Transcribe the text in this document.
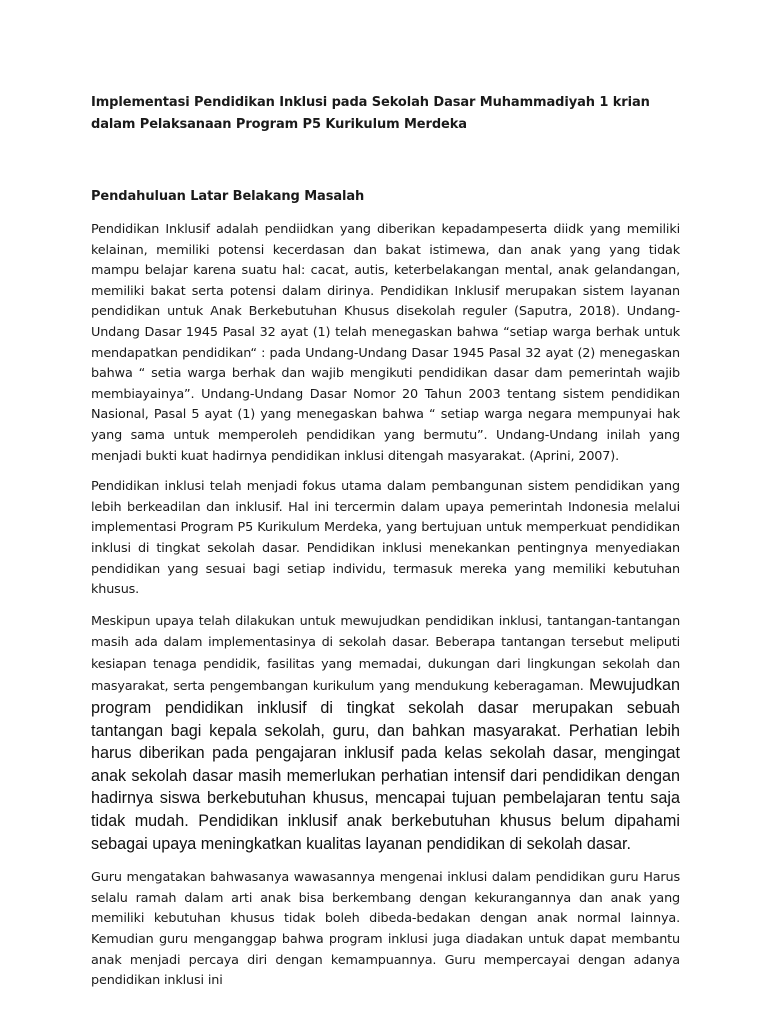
Implementasi Pendidikan Inklusi pada Sekolah Dasar Muhammadiyah 1 krian dalam Pelaksanaan Program P5 Kurikulum Merdeka
Pendahuluan Latar Belakang Masalah

Pendidikan Inklusif adalah pendiidkan yang diberikan kepadampeserta diidk yang memiliki kelainan, memiliki potensi kecerdasan dan bakat istimewa, dan anak yang yang tidak mampu belajar karena suatu hal: cacat, autis, keterbelakangan mental, anak gelandangan, memiliki bakat serta potensi dalam dirinya. Pendidikan Inklusif merupakan sistem layanan pendidikan untuk Anak Berkebutuhan Khusus disekolah reguler (Saputra, 2018). Undang-Undang Dasar 1945 Pasal 32 ayat (1) telah menegaskan bahwa “setiap warga berhak untuk mendapatkan pendidikan“ : pada Undang-Undang Dasar 1945 Pasal 32 ayat (2) menegaskan bahwa “ setia warga berhak dan wajib mengikuti pendidikan dasar dam pemerintah wajib membiayainya”. Undang-Undang Dasar Nomor 20 Tahun 2003 tentang sistem pendidikan Nasional, Pasal 5 ayat (1) yang menegaskan bahwa “ setiap warga negara mempunyai hak yang sama untuk memperoleh pendidikan yang bermutu”. Undang-Undang inilah yang menjadi bukti kuat hadirnya pendidikan inklusi ditengah masyarakat. (Aprini, 2007).

Pendidikan inklusi telah menjadi fokus utama dalam pembangunan sistem pendidikan yang lebih berkeadilan dan inklusif. Hal ini tercermin dalam upaya pemerintah Indonesia melalui implementasi Program P5 Kurikulum Merdeka, yang bertujuan untuk memperkuat pendidikan inklusi di tingkat sekolah dasar. Pendidikan inklusi menekankan pentingnya menyediakan pendidikan yang sesuai bagi setiap individu, termasuk mereka yang memiliki kebutuhan khusus.

Meskipun upaya telah dilakukan untuk mewujudkan pendidikan inklusi, tantangan-tantangan masih ada dalam implementasinya di sekolah dasar. Beberapa tantangan tersebut meliputi kesiapan tenaga pendidik, fasilitas yang memadai, dukungan dari lingkungan sekolah dan masyarakat, serta pengembangan kurikulum yang mendukung keberagaman. Mewujudkan program pendidikan inklusif di tingkat sekolah dasar merupakan sebuah tantangan bagi kepala sekolah, guru, dan bahkan masyarakat. Perhatian lebih harus diberikan pada pengajaran inklusif pada kelas sekolah dasar, mengingat anak sekolah dasar masih memerlukan perhatian intensif dari pendidikan dengan hadirnya siswa berkebutuhan khusus, mencapai tujuan pembelajaran tentu saja tidak mudah. Pendidikan inklusif anak berkebutuhan khusus belum dipahami sebagai upaya meningkatkan kualitas layanan pendidikan di sekolah dasar.

Guru mengatakan bahwasanya wawasannya mengenai inklusi dalam pendidikan guru Harus selalu ramah dalam arti anak bisa berkembang dengan kekurangannya dan anak yang memiliki kebutuhan khusus tidak boleh dibeda-bedakan dengan anak normal lainnya. Kemudian guru menganggap bahwa program inklusi juga diadakan untuk dapat membantu anak menjadi percaya diri dengan kemampuannya. Guru mempercayai dengan adanya pendidikan inklusi ini
